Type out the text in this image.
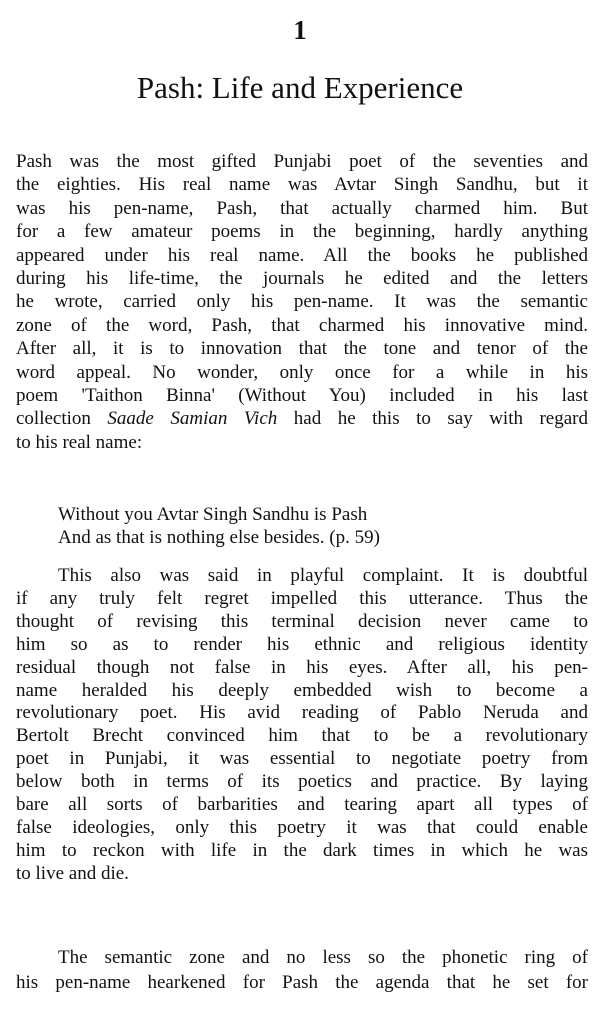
1
Pash: Life and Experience
Pash was the most gifted Punjabi poet of the seventies and
the eighties. His real name was Avtar Singh Sandhu, but it
was his pen-name, Pash, that actually charmed him. But
for a few amateur poems in the beginning, hardly anything
appeared under his real name. All the books he published
during his life-time, the journals he edited and the letters
he wrote, carried only his pen-name. It was the semantic
zone of the word, Pash, that charmed his innovative mind.
After all, it is to innovation that the tone and tenor of the
word appeal. No wonder, only once for a while in his
poem 'Taithon Binna' (Without You) included in his last
collection Saade Samian Vich had he this to say with regard
to his real name:
Without you Avtar Singh Sandhu is Pash
And as that is nothing else besides. (p. 59)
This also was said in playful complaint. It is doubtful
if any truly felt regret impelled this utterance. Thus the
thought of revising this terminal decision never came to
him so as to render his ethnic and religious identity
residual though not false in his eyes. After all, his pen-
name heralded his deeply embedded wish to become a
revolutionary poet. His avid reading of Pablo Neruda and
Bertolt Brecht convinced him that to be a revolutionary
poet in Punjabi, it was essential to negotiate poetry from
below both in terms of its poetics and practice. By laying
bare all sorts of barbarities and tearing apart all types of
false ideologies, only this poetry it was that could enable
him to reckon with life in the dark times in which he was
to live and die.
The semantic zone and no less so the phonetic ring of
his pen-name hearkened for Pash the agenda that he set for
